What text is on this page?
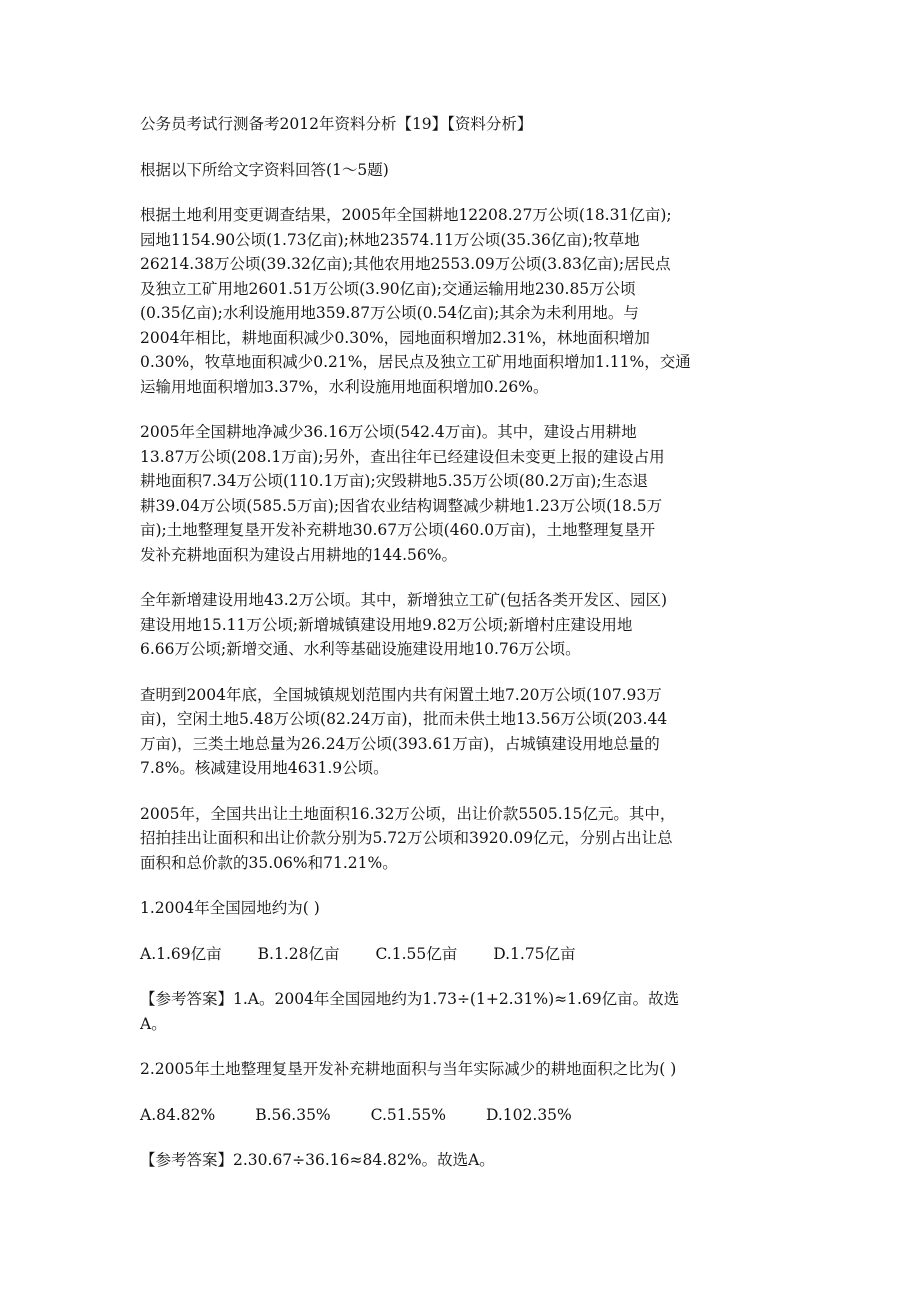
公务员考试行测备考2012年资料分析【19】【资料分析】

根据以下所给文字资料回答(1～5题)

根据土地利用变更调查结果，2005年全国耕地12208.27万公顷(18.31亿亩);
园地1154.90公顷(1.73亿亩);林地23574.11万公顷(35.36亿亩);牧草地
26214.38万公顷(39.32亿亩);其他农用地2553.09万公顷(3.83亿亩);居民点
及独立工矿用地2601.51万公顷(3.90亿亩);交通运输用地230.85万公顷
(0.35亿亩);水利设施用地359.87万公顷(0.54亿亩);其余为未利用地。与
2004年相比，耕地面积减少0.30%，园地面积增加2.31%，林地面积增加
0.30%，牧草地面积减少0.21%，居民点及独立工矿用地面积增加1.11%，交通
运输用地面积增加3.37%，水利设施用地面积增加0.26%。

2005年全国耕地净减少36.16万公顷(542.4万亩)。其中，建设占用耕地
13.87万公顷(208.1万亩);另外，查出往年已经建设但未变更上报的建设占用
耕地面积7.34万公顷(110.1万亩);灾毁耕地5.35万公顷(80.2万亩);生态退
耕39.04万公顷(585.5万亩);因省农业结构调整减少耕地1.23万公顷(18.5万
亩);土地整理复垦开发补充耕地30.67万公顷(460.0万亩)，土地整理复垦开
发补充耕地面积为建设占用耕地的144.56%。

全年新增建设用地43.2万公顷。其中，新增独立工矿(包括各类开发区、园区)
建设用地15.11万公顷;新增城镇建设用地9.82万公顷;新增村庄建设用地
6.66万公顷;新增交通、水利等基础设施建设用地10.76万公顷。

查明到2004年底，全国城镇规划范围内共有闲置土地7.20万公顷(107.93万
亩)，空闲土地5.48万公顷(82.24万亩)，批而未供土地13.56万公顷(203.44
万亩)，三类土地总量为26.24万公顷(393.61万亩)，占城镇建设用地总量的
7.8%。核减建设用地4631.9公顷。

2005年，全国共出让土地面积16.32万公顷，出让价款5505.15亿元。其中，
招拍挂出让面积和出让价款分别为5.72万公顷和3920.09亿元，分别占出让总
面积和总价款的35.06%和71.21%。

1.2004年全国园地约为( )

A.1.69亿亩 B.1.28亿亩 C.1.55亿亩 D.1.75亿亩

【参考答案】1.A。2004年全国园地约为1.73÷(1+2.31%)≈1.69亿亩。故选
A。

2.2005年土地整理复垦开发补充耕地面积与当年实际减少的耕地面积之比为( )

A.84.82%	B.56.35%	C.51.55%	D.102.35%

【参考答案】2.30.67÷36.16≈84.82%。故选A。
